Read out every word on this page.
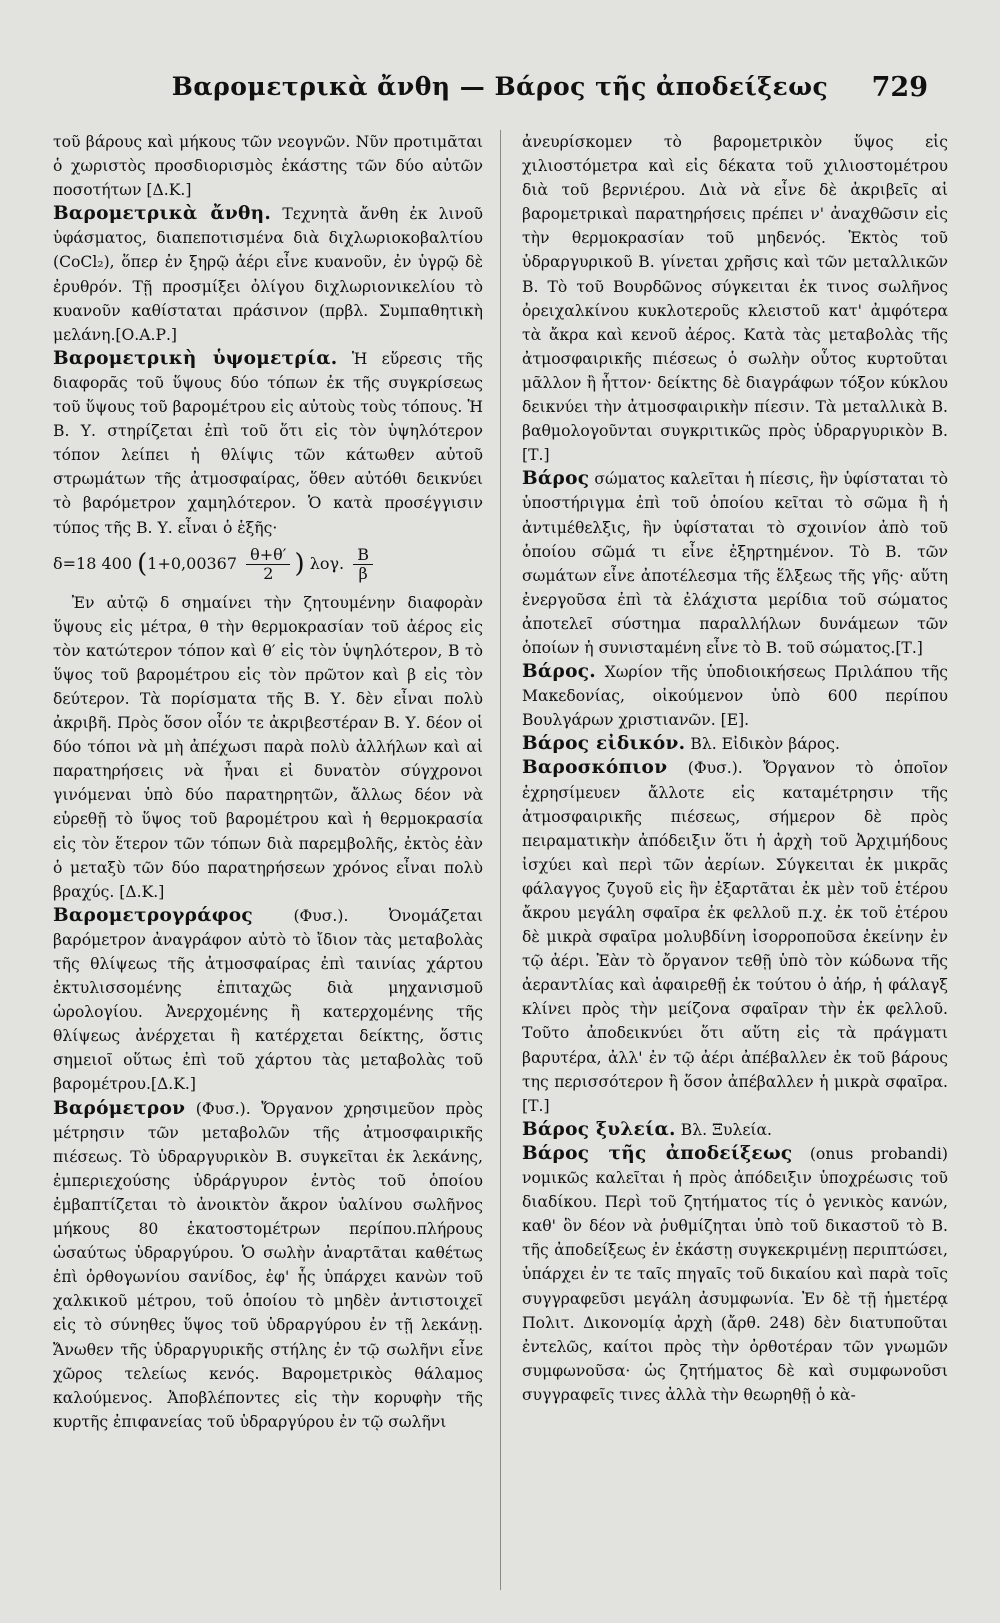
Βαρομετρικὰ ἄνθη — Βάρος τῆς ἀποδείξεως	729

τοῦ βάρους καὶ μήκους τῶν νεογνῶν. Νῦν προτιμᾶται ὁ χωριστὸς προσδιορισμὸς ἑκάστης τῶν δύο αὐτῶν ποσοτήτων [Δ.Κ.]

Βαρομετρικὰ ἄνθη. Τεχνητὰ ἄνθη ἐκ λινοῦ ὑφάσματος, διαπεποτισμένα διὰ διχλωριοκοβαλτίου (CoCl₂), ὅπερ ἐν ξηρῷ ἀέρι εἶνε κυανοῦν, ἐν ὑγρῷ δὲ ἐρυθρόν. Τῇ προσμίξει ὀλίγου διχλωριονικελίου τὸ κυανοῦν καθίσταται πράσινον (πρβλ. Συμπαθητικὴ μελάνη.[Ο.Α.Ρ.]

Βαρομετρικὴ ὑψομετρία. Ἡ εὕρεσις τῆς διαφορᾶς τοῦ ὕψους δύο τόπων ἐκ τῆς συγκρίσεως τοῦ ὕψους τοῦ βαρομέτρου εἰς αὐτοὺς τοὺς τόπους. Ἡ Β. Υ. στηρίζεται ἐπὶ τοῦ ὅτι εἰς τὸν ὑψηλότερον τόπον λείπει ἡ θλίψις τῶν κάτωθεν αὐτοῦ στρωμάτων τῆς ἀτμοσφαίρας, ὅθεν αὐτόθι δεικνύει τὸ βαρόμετρον χαμηλότερον. Ὁ κατὰ προσέγγισιν τύπος τῆς Β. Υ. εἶναι ὁ ἑξῆς·

δ=18 400 ($1+0,00367 \frac{\theta+\theta'}{2}$ ) λογ. $\frac{B}{\beta}$

Ἐν αὐτῷ δ σημαίνει τὴν ζητουμένην διαφορὰν ὕψους εἰς μέτρα, θ τὴν θερμοκρασίαν τοῦ ἀέρος εἰς τὸν κατώτερον τόπον καὶ θ′ εἰς τὸν ὑψηλότερον, Β τὸ ὕψος τοῦ βαρομέτρου εἰς τὸν πρῶτον καὶ β εἰς τὸν δεύτερον. Τὰ πορίσματα τῆς Β. Υ. δὲν εἶναι πολὺ ἀκριβῆ. Πρὸς ὅσον οἷόν τε ἀκριβεστέραν Β. Υ. δέον οἱ δύο τόποι νὰ μὴ ἀπέχωσι παρὰ πολὺ ἀλλήλων καὶ αἱ παρατηρήσεις νὰ ἦναι εἰ δυνατὸν σύγχρονοι γινόμεναι ὑπὸ δύο παρατηρητῶν, ἄλλως δέον νὰ εὑρεθῇ τὸ ὕψος τοῦ βαρομέτρου καὶ ἡ θερμοκρασία εἰς τὸν ἕτερον τῶν τόπων διὰ παρεμβολῆς, ἐκτὸς ἐὰν ὁ μεταξὺ τῶν δύο παρατηρήσεων χρόνος εἶναι πολὺ βραχύς. [Δ.Κ.]

Βαρομετρογράφος	(Φυσ.). Ὀνομάζεται βαρόμετρον ἀναγράφον αὐτὸ τὸ ἴδιον τὰς μεταβολὰς τῆς θλίψεως τῆς ἀτμοσφαίρας ἐπὶ ταινίας χάρτου ἐκτυλισσομένης ἐπιταχῶς διὰ μηχανισμοῦ ὡρολογίου. Ἀνερχομένης ἢ κατερχομένης τῆς θλίψεως ἀνέρχεται ἢ κατέρχεται δείκτης, ὅστις σημειοῖ οὕτως ἐπὶ τοῦ χάρτου τὰς μεταβολὰς τοῦ βαρομέτρου.[Δ.Κ.]

Βαρόμετρον (Φυσ.). Ὄργανον χρησιμεῦον πρὸς μέτρησιν τῶν μεταβολῶν τῆς ἀτμοσφαιρικῆς πιέσεως. Τὸ ὑδραργυρικὸν Β. συγκεῖται ἐκ λεκάνης, ἐμπεριεχούσης ὑδράργυρον ἐντὸς τοῦ ὁποίου ἐμβαπτίζεται τὸ ἀνοικτὸν ἄκρον ὑαλίνου σωλῆνος μήκους 80 ἑκατοστομέτρων περίπου.πλήρους ὡσαύτως ὑδραργύρου. Ὁ σωλὴν ἀναρτᾶται καθέτως ἐπὶ ὀρθογωνίου σανίδος, ἐφ' ἧς ὑπάρχει κανὼν τοῦ χαλκικοῦ μέτρου, τοῦ ὁποίου τὸ μηδὲν ἀντιστοιχεῖ εἰς τὸ σύνηθες ὕψος τοῦ ὑδραργύρου ἐν τῇ λεκάνῃ. Ἄνωθεν τῆς ὑδραργυρικῆς στήλης ἐν τῷ σωλῆνι εἶνε χῶρος τελείως κενός. Βαρομετρικὸς θάλαμος καλούμενος. Ἀποβλέποντες εἰς τὴν κορυφὴν τῆς κυρτῆς ἐπιφανείας τοῦ ὑδραργύρου ἐν τῷ σωλῆνι

ἀνευρίσκομεν τὸ βαρομετρικὸν ὕψος εἰς χιλιοστόμετρα καὶ εἰς δέκατα τοῦ χιλιοστομέτρου διὰ τοῦ βερνιέρου. Διὰ νὰ εἶνε δὲ ἀκριβεῖς αἱ βαρομετρικαὶ παρατηρήσεις πρέπει ν' ἀναχθῶσιν εἰς τὴν θερμοκρασίαν τοῦ μηδενός. Ἐκτὸς τοῦ ὑδραργυρικοῦ Β. γίνεται χρῆσις καὶ τῶν μεταλλικῶν Β. Τὸ τοῦ Βουρδῶνος σύγκειται ἐκ τινος σωλῆνος ὀρειχαλκίνου κυκλοτεροῦς κλειστοῦ κατ' ἀμφότερα τὰ ἄκρα καὶ κενοῦ ἀέρος. Κατὰ τὰς μεταβολὰς τῆς ἀτμοσφαιρικῆς πιέσεως ὁ σωλὴν οὗτος κυρτοῦται μᾶλλον ἢ ἧττον· δείκτης δὲ διαγράφων τόξον κύκλου δεικνύει τὴν ἀτμοσφαιρικὴν πίεσιν. Τὰ μεταλλικὰ Β. βαθμολογοῦνται συγκριτικῶς πρὸς ὑδραργυρικὸν Β. [Τ.]

Βάρος σώματος καλεῖται ἡ πίεσις, ἣν ὑφίσταται τὸ ὑποστήριγμα ἐπὶ τοῦ ὁποίου κεῖται τὸ σῶμα ἢ ἡ ἀντιμέθελξις, ἣν ὑφίσταται τὸ σχοινίον ἀπὸ τοῦ ὁποίου σῶμά τι εἶνε ἐξηρτημένον. Τὸ Β. τῶν σωμάτων εἶνε ἀποτέλεσμα τῆς ἕλξεως τῆς γῆς· αὕτη ἐνεργοῦσα ἐπὶ τὰ ἐλάχιστα μερίδια τοῦ σώματος ἀποτελεῖ σύστημα παραλλήλων δυνάμεων τῶν ὁποίων ἡ συνισταμένη εἶνε τὸ Β. τοῦ σώματος.[Τ.]

Βάρος. Χωρίον τῆς ὑποδιοικήσεως Πριλάπου τῆς Μακεδονίας, οἰκούμενον ὑπὸ 600 περίπου Βουλγάρων χριστιανῶν. [Ε].

Βάρος εἰδικόν. Βλ. Εἰδικὸν βάρος.

Βαροσκόπιον (Φυσ.). Ὄργανον τὸ ὁποῖον ἐχρησίμευεν ἄλλοτε εἰς καταμέτρησιν τῆς ἀτμοσφαιρικῆς πιέσεως, σήμερον δὲ πρὸς πειραματικὴν ἀπόδειξιν ὅτι ἡ ἀρχὴ τοῦ Ἀρχιμήδους ἰσχύει καὶ περὶ τῶν ἀερίων. Σύγκειται ἐκ μικρᾶς φάλαγγος ζυγοῦ εἰς ἣν ἐξαρτᾶται ἐκ μὲν τοῦ ἑτέρου ἄκρου μεγάλη σφαῖρα ἐκ φελλοῦ π.χ. ἐκ τοῦ ἑτέρου δὲ μικρὰ σφαῖρα μολυβδίνη ἰσορροποῦσα ἐκείνην ἐν τῷ ἀέρι. Ἐὰν τὸ ὄργανον τεθῇ ὑπὸ τὸν κώδωνα τῆς ἀεραντλίας καὶ ἀφαιρεθῇ ἐκ τούτου ὁ ἀήρ, ἡ φάλαγξ κλίνει πρὸς τὴν μείζονα σφαῖραν τὴν ἐκ φελλοῦ. Τοῦτο ἀποδεικνύει ὅτι αὕτη εἰς τὰ πράγματι βαρυτέρα, ἀλλ' ἐν τῷ ἀέρι ἀπέβαλλεν ἐκ τοῦ βάρους της περισσότερον ἢ ὅσον ἀπέβαλλεν ἡ μικρὰ σφαῖρα. [Τ.]

Βάρος ξυλεία. Βλ. Ξυλεία.

Βάρος τῆς ἀποδείξεως (onus probandi) νομικῶς καλεῖται ἡ πρὸς ἀπόδειξιν ὑποχρέωσις τοῦ διαδίκου. Περὶ τοῦ ζητήματος τίς ὁ γενικὸς κανών, καθ' ὃν δέον νὰ ῥυθμίζηται ὑπὸ τοῦ δικαστοῦ τὸ Β. τῆς ἀποδείξεως ἐν ἑκάστῃ συγκεκριμένῃ περιπτώσει, ὑπάρχει ἐν τε ταῖς πηγαῖς τοῦ δικαίου καὶ παρὰ τοῖς συγγραφεῦσι μεγάλη ἀσυμφωνία. Ἐν δὲ τῇ ἡμετέρᾳ Πολιτ. Δικονομίᾳ ἀρχὴ (ἄρθ. 248) δὲν διατυποῦται ἐντελῶς, καίτοι πρὸς τὴν ὀρθοτέραν τῶν γνωμῶν συμφωνοῦσα· ὡς ζητήματος δὲ καὶ συμφωνοῦσι συγγραφεῖς τινες ἀλλὰ τὴν θεωρηθῇ ὁ κὰ-
